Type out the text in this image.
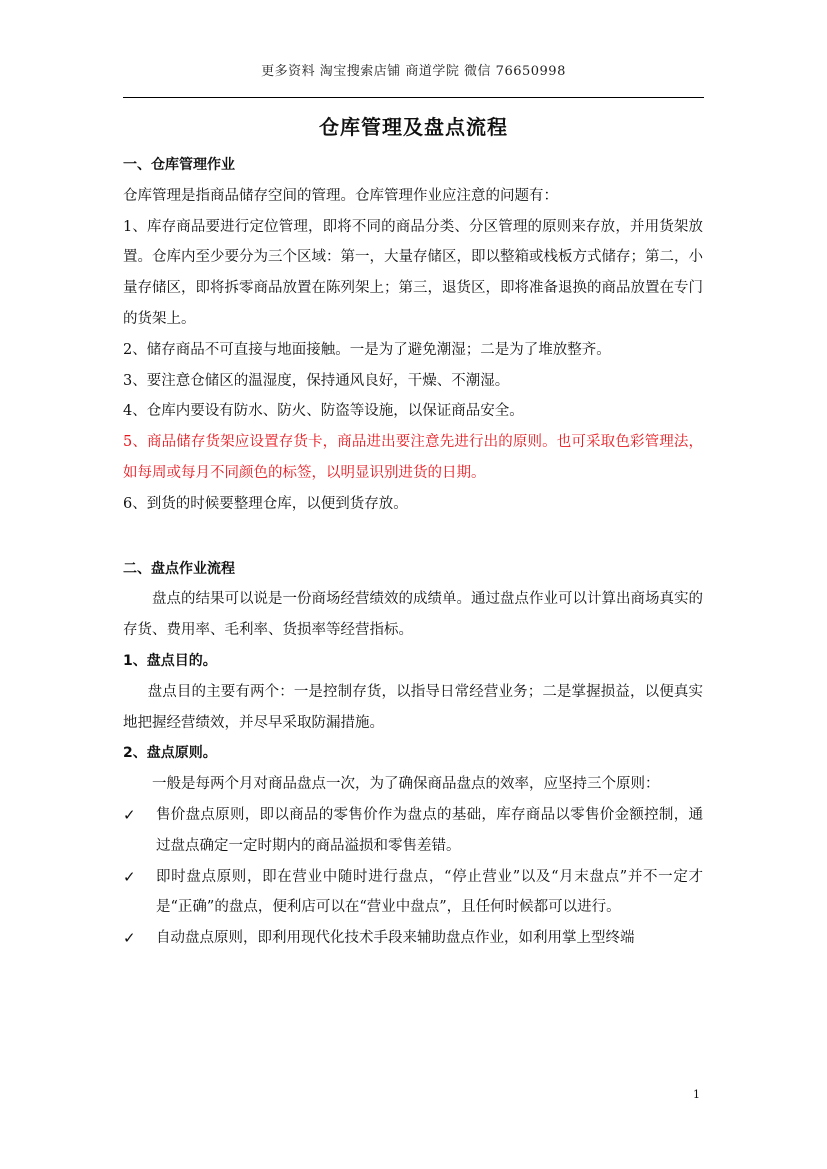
更多资料 淘宝搜索店铺 商道学院 微信 76650998
仓库管理及盘点流程

一、仓库管理作业

仓库管理是指商品储存空间的管理。仓库管理作业应注意的问题有：

1、库存商品要进行定位管理，即将不同的商品分类、分区管理的原则来存放，并用货架放置。仓库内至少要分为三个区域：第一，大量存储区，即以整箱或栈板方式储存；第二，小量存储区，即将拆零商品放置在陈列架上；第三，退货区，即将准备退换的商品放置在专门的货架上。

2、储存商品不可直接与地面接触。一是为了避免潮湿；二是为了堆放整齐。

3、要注意仓储区的温湿度，保持通风良好，干燥、不潮湿。

4、仓库内要设有防水、防火、防盗等设施，以保证商品安全。

5、商品储存货架应设置存货卡，商品进出要注意先进行出的原则。也可采取色彩管理法，如每周或每月不同颜色的标签，以明显识别进货的日期。

6、到货的时候要整理仓库，以便到货存放。

二、盘点作业流程

盘点的结果可以说是一份商场经营绩效的成绩单。通过盘点作业可以计算出商场真实的存货、费用率、毛利率、货损率等经营指标。

1、盘点目的。

盘点目的主要有两个：一是控制存货，以指导日常经营业务；二是掌握损益，以便真实地把握经营绩效，并尽早采取防漏措施。

2、盘点原则。

一般是每两个月对商品盘点一次，为了确保商品盘点的效率，应坚持三个原则：

✓	售价盘点原则，即以商品的零售价作为盘点的基础，库存商品以零售价金额控制，通过盘点确定一定时期内的商品溢损和零售差错。

✓	即时盘点原则，即在营业中随时进行盘点，“停止营业”以及“月末盘点”并不一定才是“正确”的盘点，便利店可以在“营业中盘点”，且任何时候都可以进行。

✓	自动盘点原则，即利用现代化技术手段来辅助盘点作业，如利用掌上型终端

1
